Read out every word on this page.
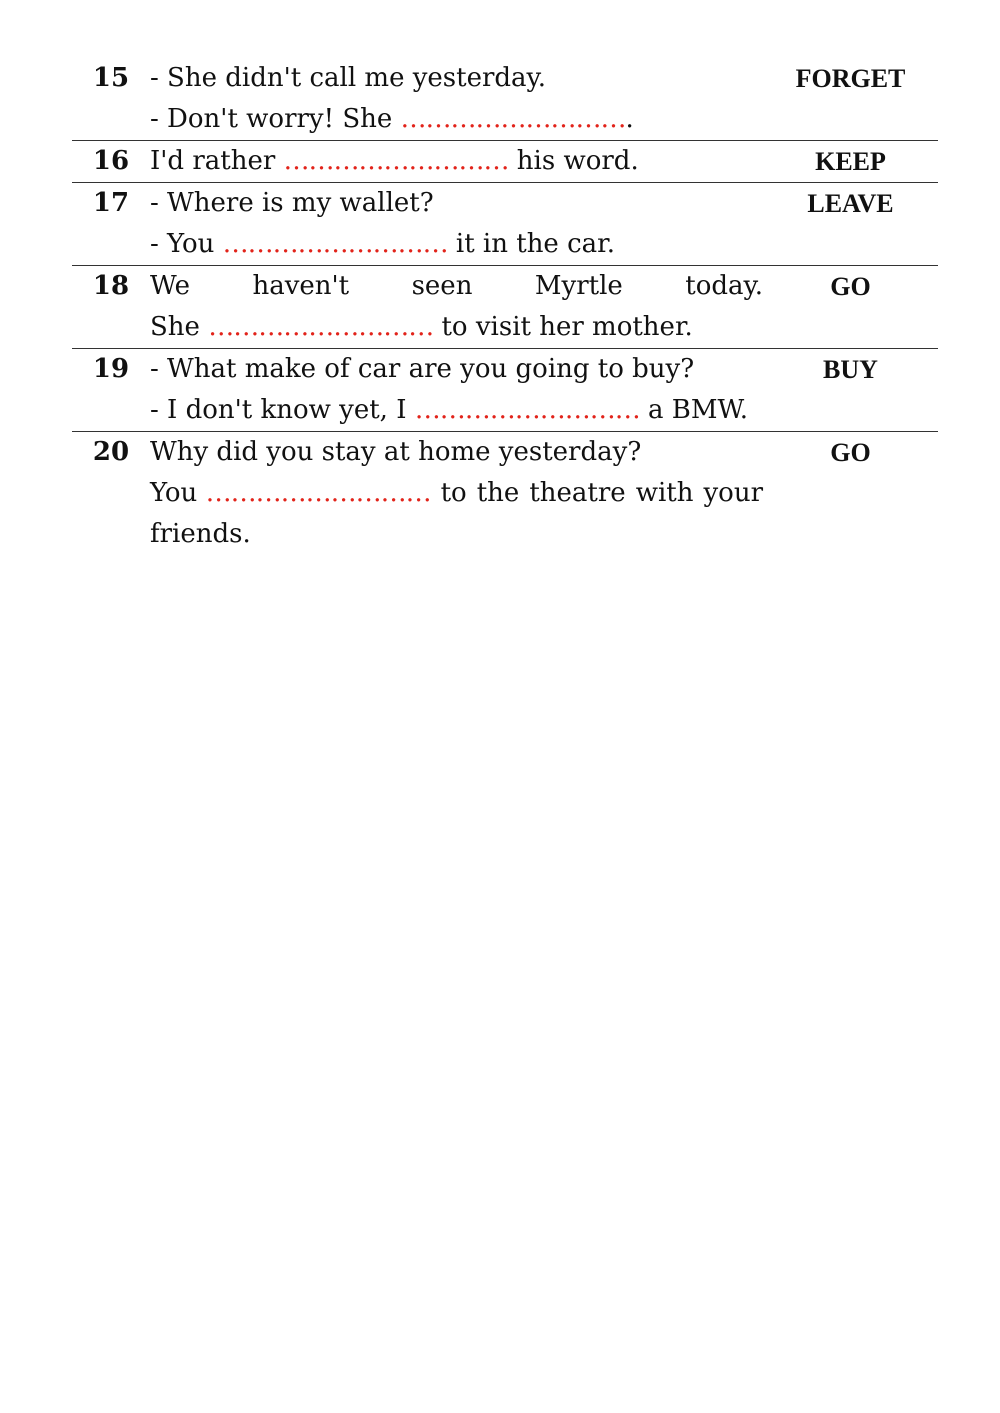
15 - She didn't call me yesterday.
- Don't worry! She ……………………….
FORGET
16 I'd rather ……………………… his word.	KEEP
17 - Where is my wallet?
- You ……………………… it in the car.
LEAVE
18 We haven't seen Myrtle today.
She ……………………… to visit her mother.
GO
19 - What make of car are you going to buy?
- I don't know yet, I ……………………… a BMW.
BUY
20 Why did you stay at home yesterday?
You ……………………… to the theatre with your
friends.
GO
